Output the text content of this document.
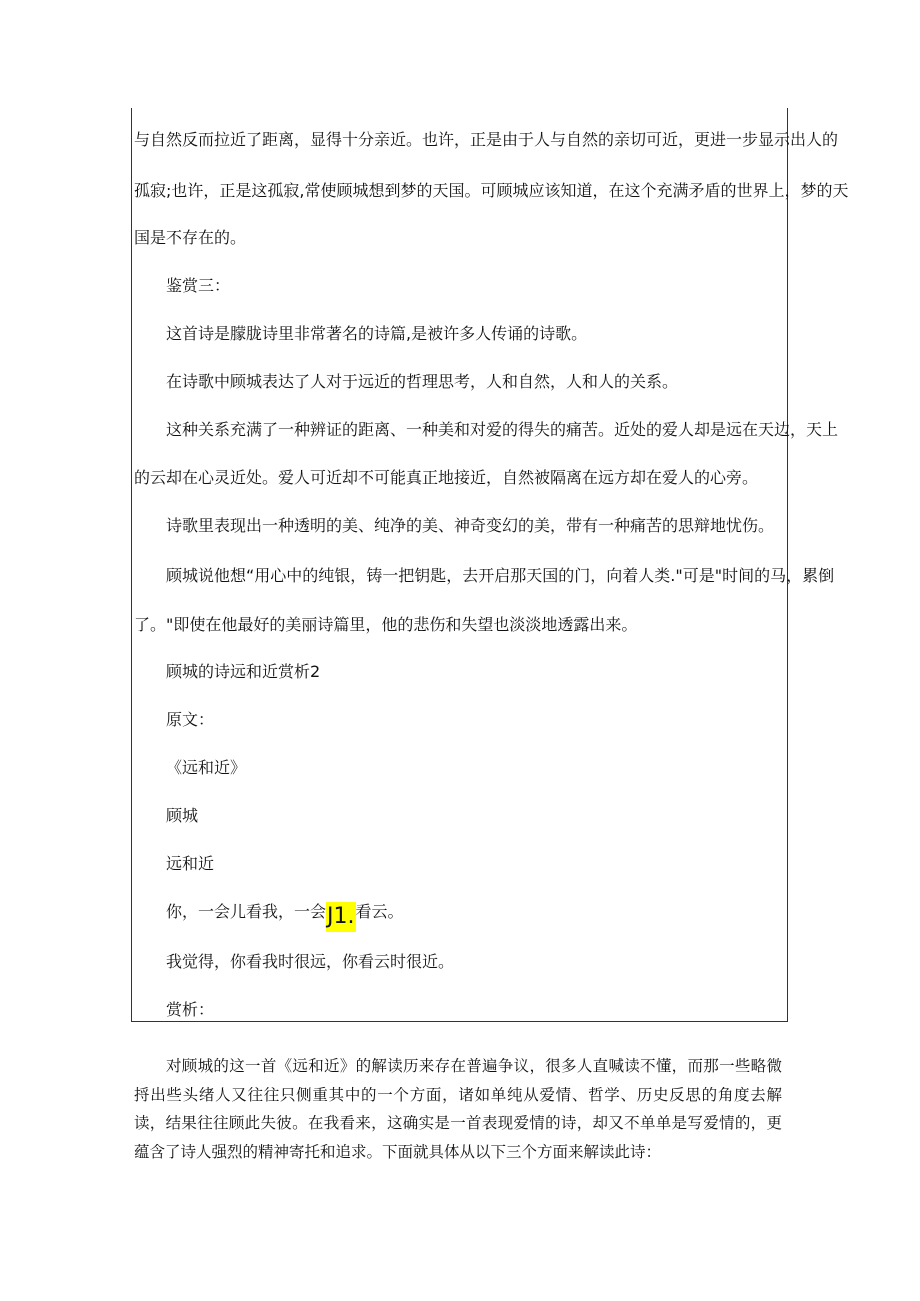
与自然反而拉近了距离，显得十分亲近。也许，正是由于人与自然的亲切可近，更进一步显示出人的
孤寂;也许，正是这孤寂,常使顾城想到梦的天国。可顾城应该知道，在这个充满矛盾的世界上，梦的天
国是不存在的。
鉴赏三：
这首诗是朦胧诗里非常著名的诗篇,是被许多人传诵的诗歌。
在诗歌中顾城表达了人对于远近的哲理思考，人和自然，人和人的关系。
这种关系充满了一种辨证的距离、一种美和对爱的得失的痛苦。近处的爱人却是远在天边，天上
的云却在心灵近处。爱人可近却不可能真正地接近，自然被隔离在远方却在爱人的心旁。
诗歌里表现出一种透明的美、纯净的美、神奇变幻的美，带有一种痛苦的思辩地忧伤。
顾城说他想“用心中的纯银，铸一把钥匙，去开启那天国的门，向着人类."可是"时间的马，累倒
了。"即使在他最好的美丽诗篇里，他的悲伤和失望也淡淡地透露出来。
顾城的诗远和近赏析2
原文：
《远和近》
顾城
远和近
你，一会儿看我，一会J1.看云。
我觉得，你看我时很远，你看云时很近。
赏析：

对顾城的这一首《远和近》的解读历来存在普遍争议，很多人直喊读不懂，而那一些略微捋出些头绪人又往往只侧重其中的一个方面，诸如单纯从爱情、哲学、历史反思的角度去解读，结果往往顾此失彼。在我看来，这确实是一首表现爱情的诗，却又不单单是写爱情的，更蕴含了诗人强烈的精神寄托和追求。下面就具体从以下三个方面来解读此诗：
